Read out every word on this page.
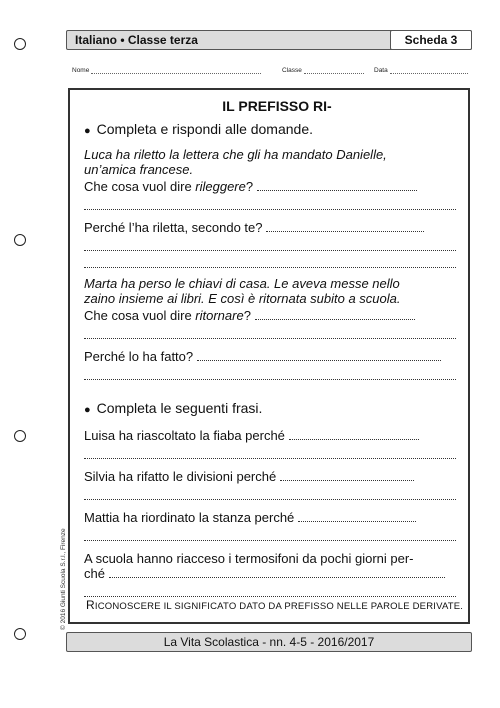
Italiano • Classe terza	Scheda 3
Nome	Classe	Data
IL PREFISSO RI-
● Completa e rispondi alle domande.
Luca ha riletto la lettera che gli ha mandato Danielle,
un’amica francese.
Che cosa vuol dire rileggere?
Perché l’ha riletta, secondo te?
Marta ha perso le chiavi di casa. Le aveva messe nello
zaino insieme ai libri. E così è ritornata subito a scuola.
Che cosa vuol dire ritornare?
Perché lo ha fatto?
● Completa le seguenti frasi.
Luisa ha riascoltato la fiaba perché
Silvia ha rifatto le divisioni perché
Mattia ha riordinato la stanza perché
A scuola hanno riacceso i termosifoni da pochi giorni per-
ché
RICONOSCERE IL SIGNIFICATO DATO DA PREFISSO NELLE PAROLE DERIVATE.
La Vita Scolastica - nn. 4-5 - 2016/2017
© 2016 Giunti Scuola S.r.l., Firenze
